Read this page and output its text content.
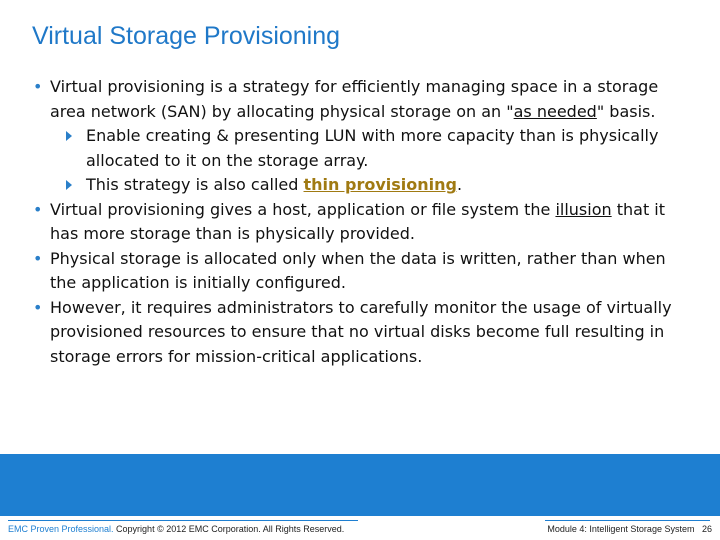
Virtual Storage Provisioning
• Virtual provisioning is a strategy for efficiently managing space in a storage area network (SAN) by allocating physical storage on an "as needed" basis.
Enable creating & presenting LUN with more capacity than is physically allocated to it on the storage array.
This strategy is also called thin provisioning.
• Virtual provisioning gives a host, application or file system the illusion that it has more storage than is physically provided.
• Physical storage is allocated only when the data is written, rather than when the application is initially configured.
• However, it requires administrators to carefully monitor the usage of virtually provisioned resources to ensure that no virtual disks become full resulting in storage errors for mission-critical applications.
EMC Proven Professional. Copyright © 2012 EMC Corporation. All Rights Reserved.	Module 4: Intelligent Storage System 26
